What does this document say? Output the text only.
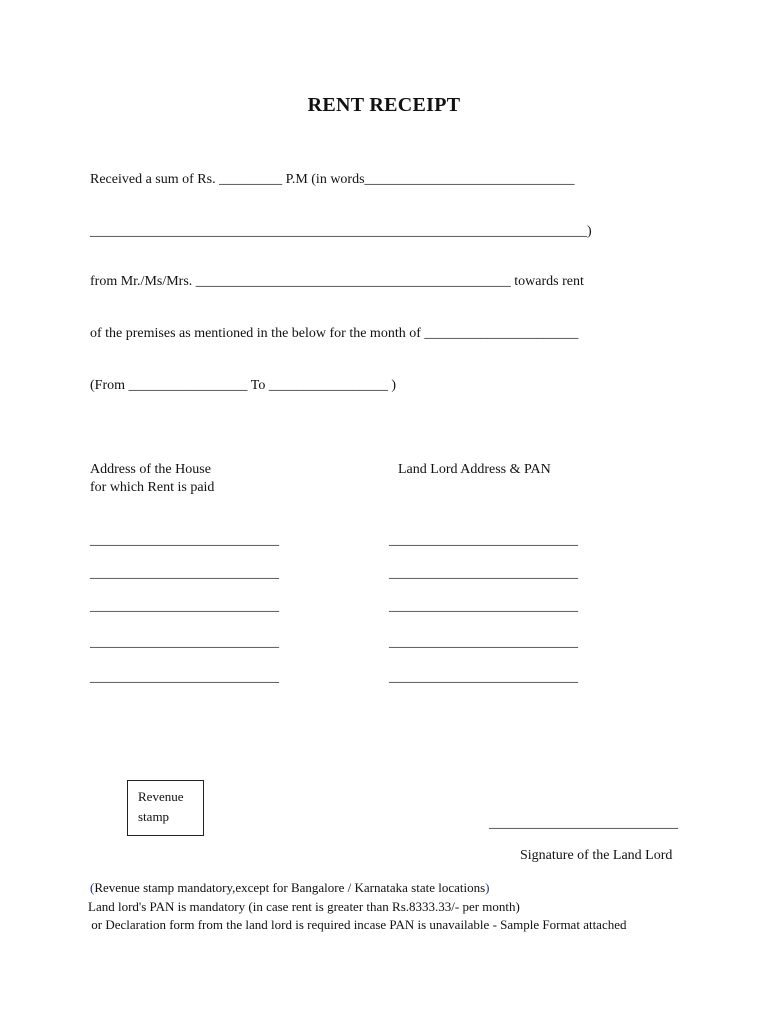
RENT RECEIPT
Received a sum of Rs. _________ P.M (in words______________________________
_______________________________________________________________________)
from Mr./Ms/Mrs. _____________________________________________ towards rent
of the premises as mentioned in the below for the month of ______________________
(From _________________ To _________________ )
Address of the House
for which Rent is paid
Land Lord Address & PAN
___________________________
___________________________
___________________________
___________________________
___________________________
___________________________
___________________________
___________________________
___________________________
___________________________
Revenue
stamp	___________________________
Signature of the Land Lord
(Revenue stamp mandatory,except for Bangalore / Karnataka state locations)
Land lord's PAN is mandatory (in case rent is greater than Rs.8333.33/- per month)
or Declaration form from the land lord is required incase PAN is unavailable - Sample Format attached
